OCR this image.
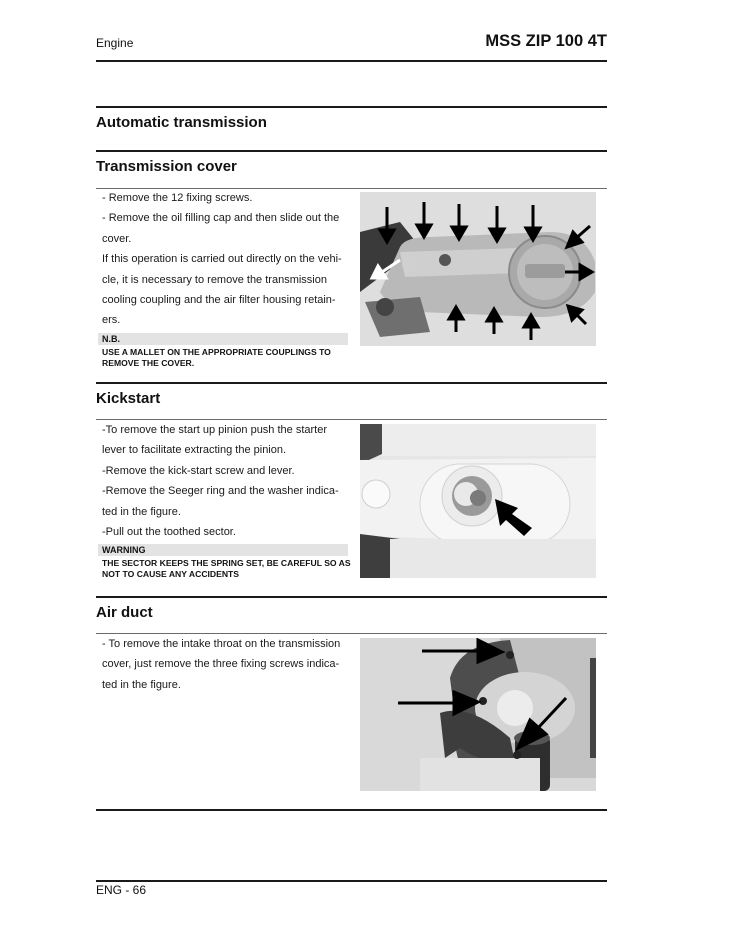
Engine	MSS ZIP 100 4T
Automatic transmission
Transmission cover

- Remove the 12 fixing screws.

- Remove the oil filling cap and then slide out the

cover.

If this operation is carried out directly on the vehi-

cle, it is necessary to remove the transmission

cooling coupling and the air filter housing retain-

ers.

N.B.
USE A MALLET ON THE APPROPRIATE COUPLINGS TO REMOVE THE COVER.
Kickstart

-To remove the start up pinion push the starter

lever to facilitate extracting the pinion.

-Remove the kick-start screw and lever.

-Remove the Seeger ring and the washer indica-

ted in the figure.

-Pull out the toothed sector.

WARNING
THE SECTOR KEEPS THE SPRING SET, BE CAREFUL SO AS NOT TO CAUSE ANY ACCIDENTS
Air duct

- To remove the intake throat on the transmission

cover, just remove the three fixing screws indica-

ted in the figure.

ENG - 66
